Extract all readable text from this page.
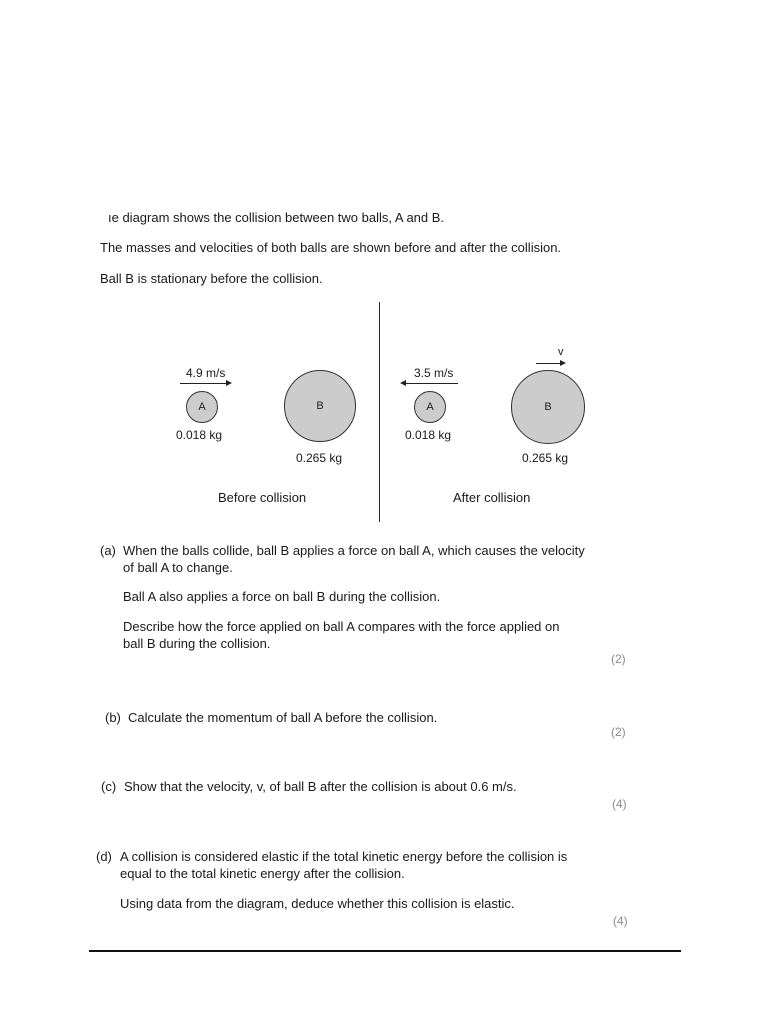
ıe diagram shows the collision between two balls, A and B.
The masses and velocities of both balls are shown before and after the collision.
Ball B is stationary before the collision.
4.9 m/s
A
0.018 kg
B
0.265 kg
Before collision
3.5 m/s
A
0.018 kg
v
B
0.265 kg
After collision
(a) When the balls collide, ball B applies a force on ball A, which causes the velocity
of ball A to change.
Ball A also applies a force on ball B during the collision.
Describe how the force applied on ball A compares with the force applied on
ball B during the collision.
(2)
(b) Calculate the momentum of ball A before the collision.
(2)
(c) Show that the velocity, v, of ball B after the collision is about 0.6 m/s.
(4)
(d) A collision is considered elastic if the total kinetic energy before the collision is
equal to the total kinetic energy after the collision.
Using data from the diagram, deduce whether this collision is elastic.
(4)
